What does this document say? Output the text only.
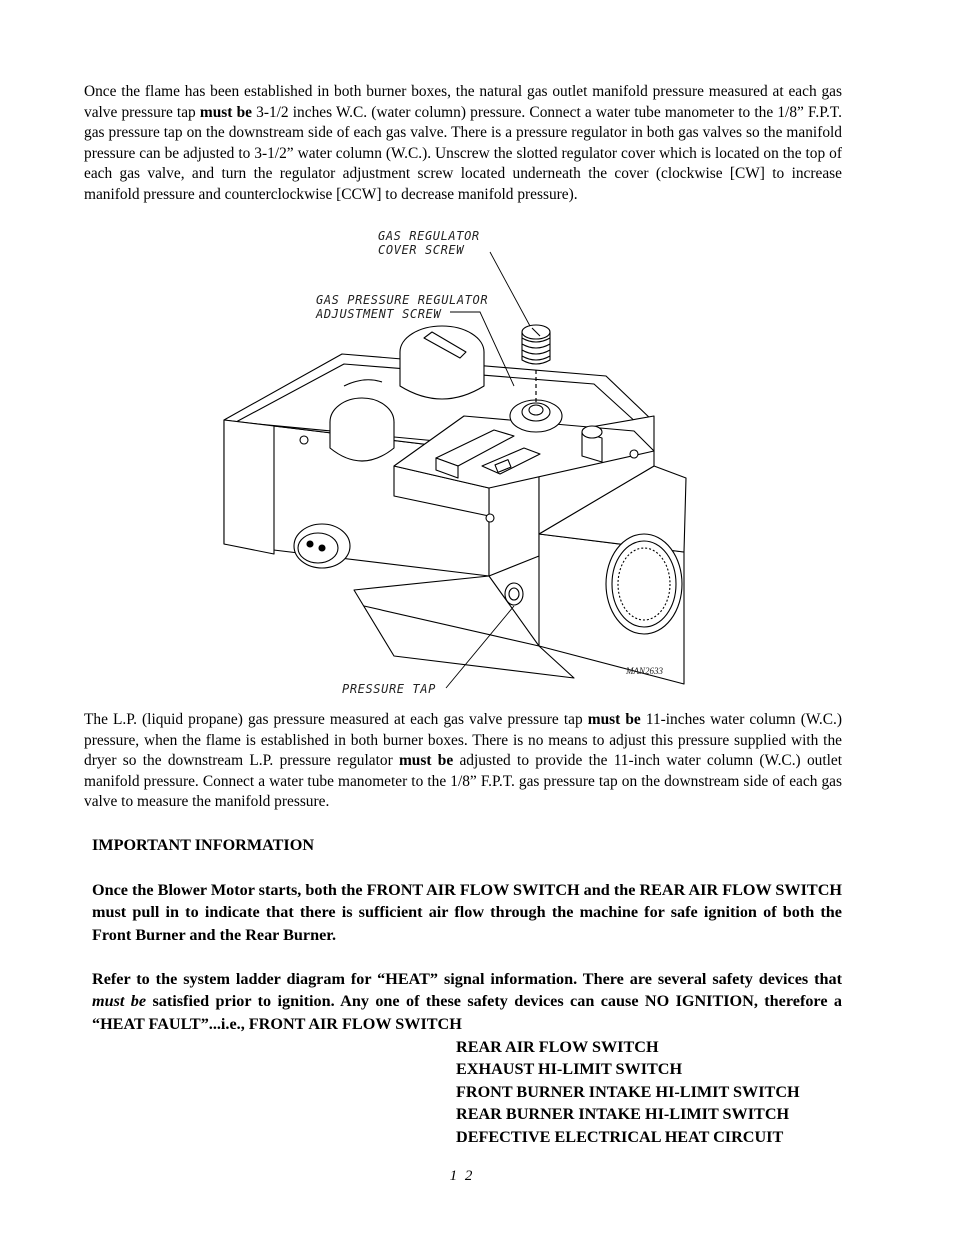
Once the flame has been established in both burner boxes, the natural gas outlet manifold pressure measured at each gas valve pressure tap must be 3-1/2 inches W.C. (water column) pressure. Connect a water tube manometer to the 1/8” F.P.T. gas pressure tap on the downstream side of each gas valve. There is a pressure regulator in both gas valves so the manifold pressure can be adjusted to 3-1/2” water column (W.C.). Unscrew the slotted regulator cover which is located on the top of each gas valve, and turn the regulator adjustment screw located underneath the cover (clockwise [CW] to increase manifold pressure and counterclockwise [CCW] to decrease manifold pressure).
GAS REGULATOR
COVER SCREW
GAS PRESSURE REGULATOR
ADJUSTMENT SCREW
PRESSURE TAP
MAN2633
The L.P. (liquid propane) gas pressure measured at each gas valve pressure tap must be 11-inches water column (W.C.) pressure, when the flame is established in both burner boxes. There is no means to adjust this pressure supplied with the dryer so the downstream L.P. pressure regulator must be adjusted to provide the 11-inch water column (W.C.) outlet manifold pressure. Connect a water tube manometer to the 1/8” F.P.T. gas pressure tap on the downstream side of each gas valve to measure the manifold pressure.
IMPORTANT INFORMATION
Once the Blower Motor starts, both the FRONT AIR FLOW SWITCH and the REAR AIR FLOW SWITCH must pull in to indicate that there is sufficient air flow through the machine for safe ignition of both the Front Burner and the Rear Burner.
Refer to the system ladder diagram for “HEAT” signal information. There are several safety devices that must be satisfied prior to ignition. Any one of these safety devices can cause NO IGNITION, therefore a “HEAT FAULT”...i.e., FRONT AIR FLOW SWITCH
REAR AIR FLOW SWITCH
EXHAUST HI-LIMIT SWITCH
FRONT BURNER INTAKE HI-LIMIT SWITCH
REAR BURNER INTAKE HI-LIMIT SWITCH
DEFECTIVE ELECTRICAL HEAT CIRCUIT
1 2
